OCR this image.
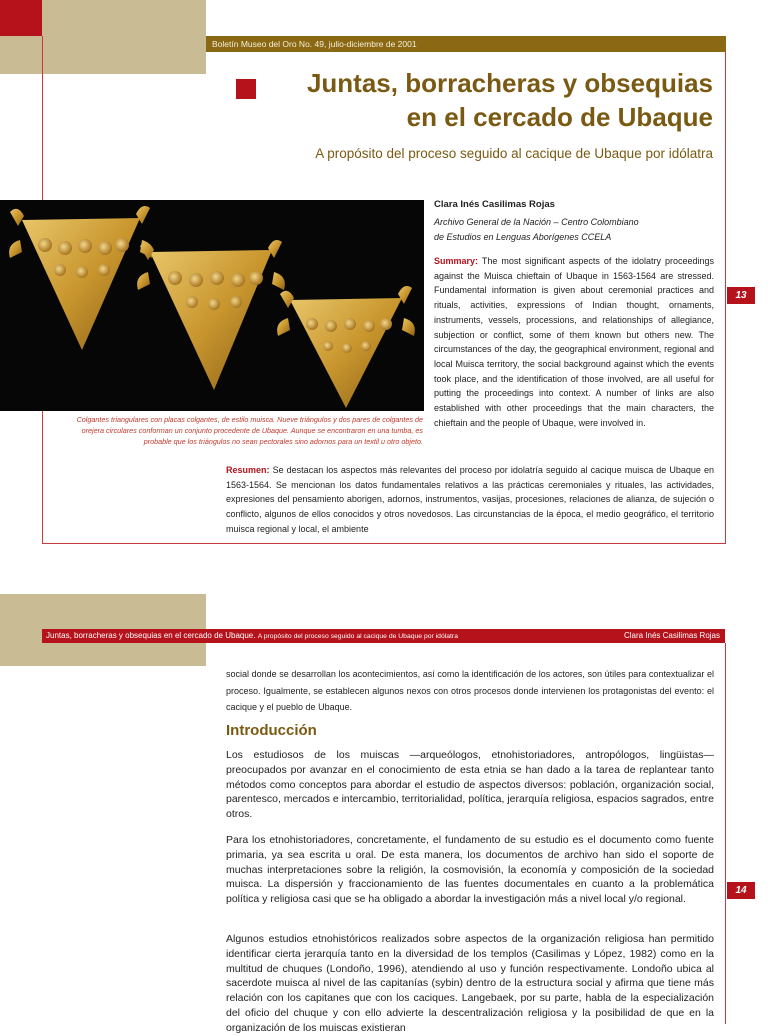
Boletín Museo del Oro No. 49, julio-diciembre de 2001
Juntas, borracheras y obsequias
en el cercado de Ubaque
A propósito del proceso seguido al cacique de Ubaque por idólatra
Colgantes triangulares con placas colgantes, de estilo muisca. Nueve triángulos y dos pares de colgantes de
orejera circulares conforman un conjunto procedente de Ubaque. Aunque se encontraron en una tumba, es
probable que los triángulos no sean pectorales sino adornos para un textil u otro objeto.
Clara Inés Casilimas Rojas
Archivo General de la Nación – Centro Colombiano
de Estudios en Lenguas Aborígenes CCELA
Summary: The most significant aspects of the idolatry proceedings against the Muisca chieftain of Ubaque in 1563-1564 are stressed. Fundamental information is given about ceremonial practices and rituals, activities, expressions of Indian thought, ornaments, instruments, vessels, processions, and relationships of allegiance, subjection or conflict, some of them known but others new. The circumstances of the day, the geographical environment, regional and local Muisca territory, the social background against which the events took place, and the identification of those involved, are all useful for putting the proceedings into context. A number of links are also established with other proceedings that the main characters, the chieftain and the people of Ubaque, were involved in.
13
Resumen: Se destacan los aspectos más relevantes del proceso por idolatría seguido al cacique muisca de Ubaque en 1563-1564. Se mencionan los datos fundamentales relativos a las prácticas ceremoniales y rituales, las actividades, expresiones del pensamiento aborigen, adornos, instrumentos, vasijas, procesiones, relaciones de alianza, de sujeción o conflicto, algunos de ellos conocidos y otros novedosos. Las circunstancias de la época, el medio geográfico, el territorio muisca regional y local, el ambiente
Juntas, borracheras y obsequias en el cercado de Ubaque. A propósito del proceso seguido al cacique de Ubaque por idólatra	Clara Inés Casilimas Rojas
social donde se desarrollan los acontecimientos, así como la identificación de los actores, son útiles para contextualizar el proceso. Igualmente, se establecen algunos nexos con otros procesos donde intervienen los protagonistas del evento: el cacique y el pueblo de Ubaque.
Introducción
Los estudiosos de los muiscas —arqueólogos, etnohistoriadores, antropólogos, lingüistas— preocupados por avanzar en el conocimiento de esta etnia se han dado a la tarea de replantear tanto métodos como conceptos para abordar el estudio de aspectos diversos: población, organización social, parentesco, mercados e intercambio, territorialidad, política, jerarquía religiosa, espacios sagrados, entre otros.
Para los etnohistoriadores, concretamente, el fundamento de su estudio es el documento como fuente primaria, ya sea escrita u oral. De esta manera, los documentos de archivo han sido el soporte de muchas interpretaciones sobre la religión, la cosmovisión, la economía y composición de la sociedad muisca. La dispersión y fraccionamiento de las fuentes documentales en cuanto a la problemática política y religiosa casi que se ha obligado a abordar la investigación más a nivel local y/o regional.
Algunos estudios etnohistóricos realizados sobre aspectos de la organización religiosa han permitido identificar cierta jerarquía tanto en la diversidad de los templos (Casilimas y López, 1982) como en la multitud de chuques (Londoño, 1996), atendiendo al uso y función respectivamente. Londoño ubica al sacerdote muisca al nivel de las capitanías (sybin) dentro de la estructura social y afirma que tiene más relación con los capitanes que con los caciques. Langebaek, por su parte, habla de la especialización del oficio del chuque y con ello advierte la descentralización religiosa y la posibilidad de que en la organización de los muiscas existieran
14
